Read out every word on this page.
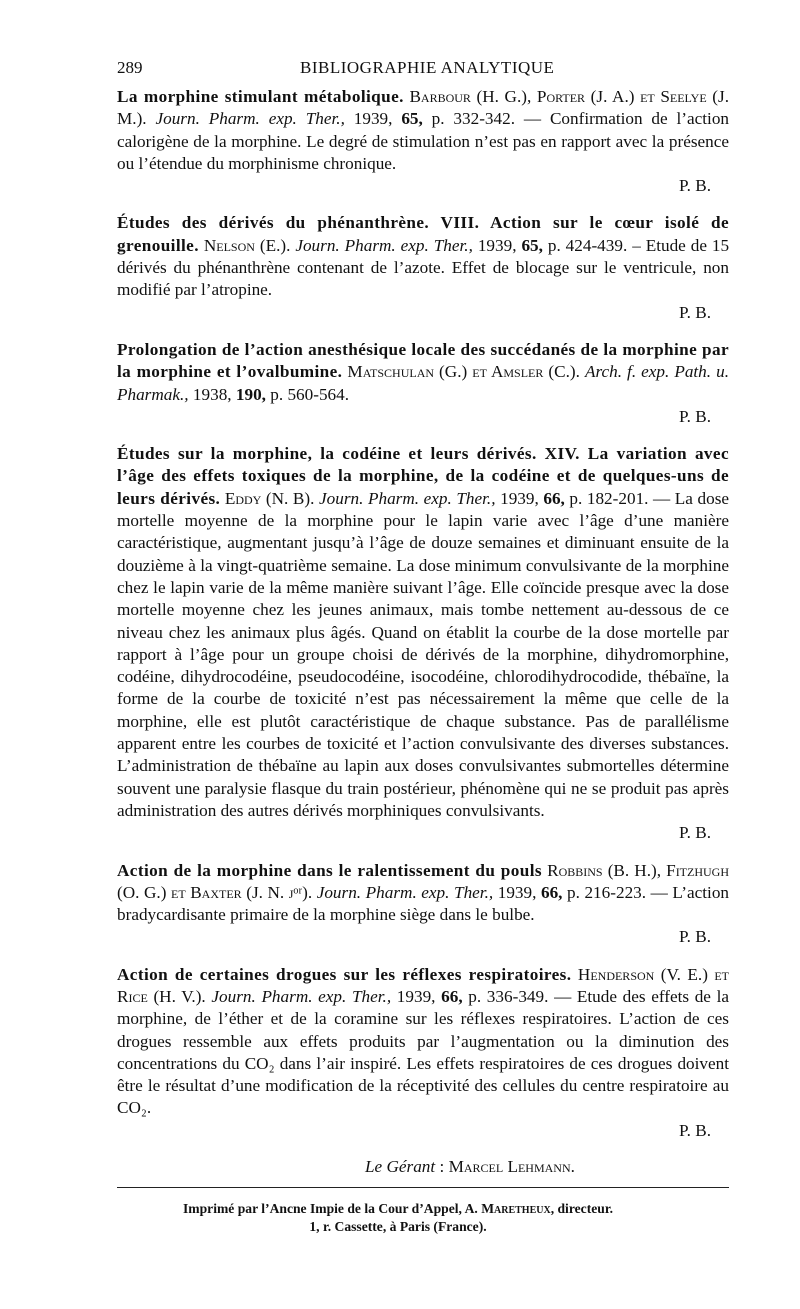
289	BIBLIOGRAPHIE ANALYTIQUE

La morphine stimulant métabolique. Barbour (H. G.), Porter (J. A.) et Seelye (J. M.). Journ. Pharm. exp. Ther., 1939, 65, p. 332-342. — Confirmation de l’action calorigène de la morphine. Le degré de stimulation n’est pas en rapport avec la présence ou l’étendue du morphinisme chronique.
P. B.

Études des dérivés du phénanthrène. VIII. Action sur le cœur isolé de grenouille. Nelson (E.). Journ. Pharm. exp. Ther., 1939, 65, p. 424-439. – Etude de 15 dérivés du phénanthrène contenant de l’azote. Effet de blocage sur le ventricule, non modifié par l’atropine.
P. B.

Prolongation de l’action anesthésique locale des succédanés de la morphine par la morphine et l’ovalbumine. Matschulan (G.) et Amsler (C.). Arch. f. exp. Path. u. Pharmak., 1938, 190, p. 560-564.
P. B.

Études sur la morphine, la codéine et leurs dérivés. XIV. La variation avec l’âge des effets toxiques de la morphine, de la codéine et de quelques-uns de leurs dérivés. Eddy (N. B). Journ. Pharm. exp. Ther., 1939, 66, p. 182-201. — La dose mortelle moyenne de la morphine pour le lapin varie avec l’âge d’une manière caractéristique, augmentant jusqu’à l’âge de douze semaines et diminuant ensuite de la douzième à la vingt-quatrième semaine. La dose minimum convulsivante de la morphine chez le lapin varie de la même manière suivant l’âge. Elle coïncide presque avec la dose mortelle moyenne chez les jeunes animaux, mais tombe nettement au-dessous de ce niveau chez les animaux plus âgés. Quand on établit la courbe de la dose mortelle par rapport à l’âge pour un groupe choisi de dérivés de la morphine, dihydromorphine, codéine, dihydrocodéine, pseudocodéine, isocodéine, chlorodihydrocodide, thébaïne, la forme de la courbe de toxicité n’est pas nécessairement la même que celle de la morphine, elle est plutôt caractéristique de chaque substance. Pas de parallélisme apparent entre les courbes de toxicité et l’action convulsivante des diverses substances. L’administration de thébaïne au lapin aux doses convulsivantes submortelles détermine souvent une paralysie flasque du train postérieur, phénomène qui ne se produit pas après administration des autres dérivés morphiniques convulsivants.
P. B.

Action de la morphine dans le ralentissement du pouls Robbins (B. H.), Fitzhugh (O. G.) et Baxter (J. N. jᵒʳ). Journ. Pharm. exp. Ther., 1939, 66, p. 216-223. — L’action bradycardisante primaire de la morphine siège dans le bulbe.
P. B.

Action de certaines drogues sur les réflexes respiratoires. Henderson (V. E.) et Rice (H. V.). Journ. Pharm. exp. Ther., 1939, 66, p. 336-349. — Etude des effets de la morphine, de l’éther et de la coramine sur les réflexes respiratoires. L’action de ces drogues ressemble aux effets produits par l’augmentation ou la diminution des concentrations du CO₂ dans l’air inspiré. Les effets respiratoires de ces drogues doivent être le résultat d’une modification de la réceptivité des cellules du centre respiratoire au CO₂.
P. B.

Le Gérant : Marcel Lehmann.
Imprimé par l’Ancne Impie de la Cour d’Appel, A. Maretheux, directeur.
1, r. Cassette, à Paris (France).
